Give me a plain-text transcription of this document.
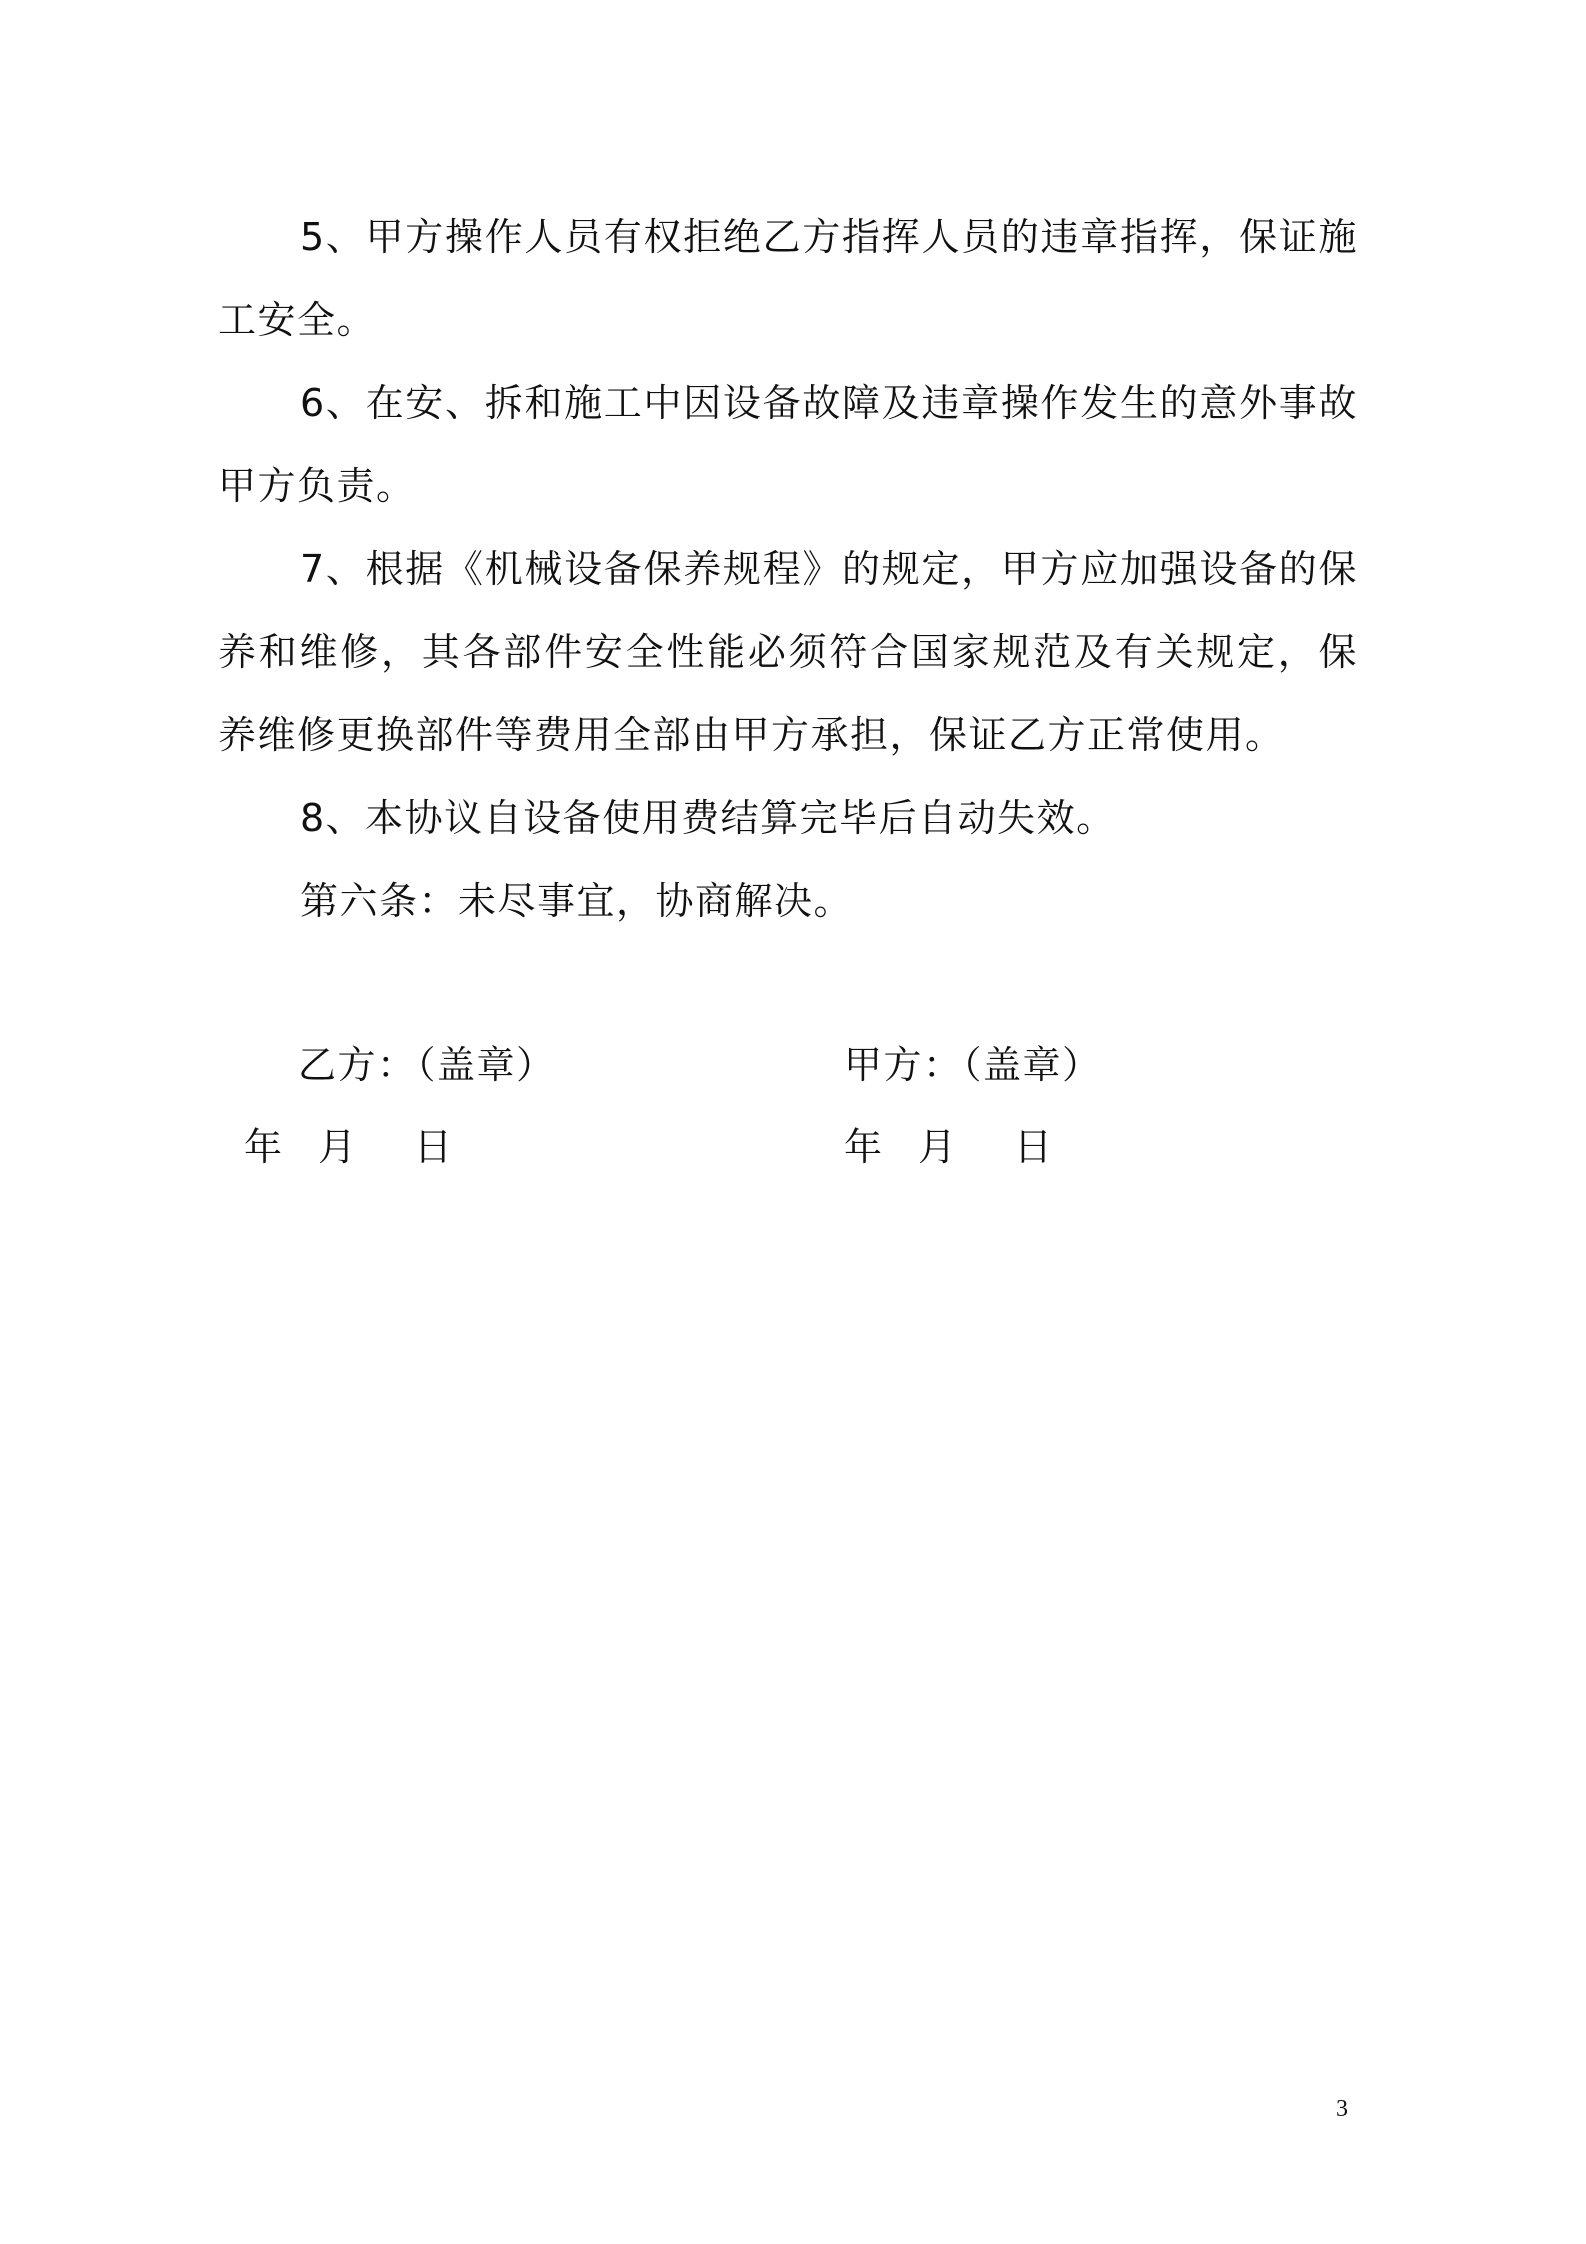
5、甲方操作人员有权拒绝乙方指挥人员的违章指挥，保证施工安全。

6、在安、拆和施工中因设备故障及违章操作发生的意外事故甲方负责。

7、根据《机械设备保养规程》的规定，甲方应加强设备的保养和维修，其各部件安全性能必须符合国家规范及有关规定，保养维修更换部件等费用全部由甲方承担，保证乙方正常使用。

8、本协议自设备使用费结算完毕后自动失效。

第六条：未尽事宜，协商解决。

乙方：（盖章）	甲方：（盖章）
年 月 日	年 月 日
3
